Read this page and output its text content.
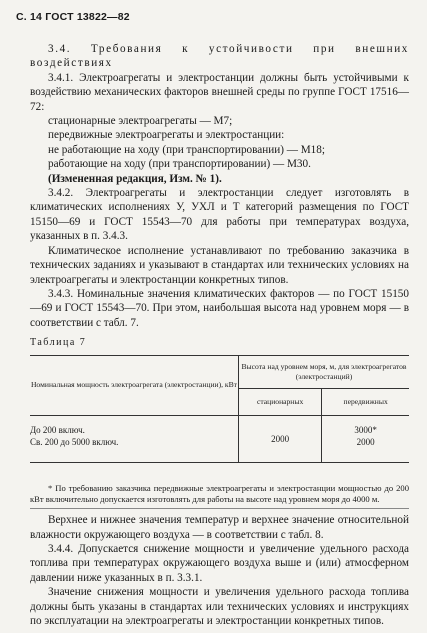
С. 14 ГОСТ 13822—82

3.4. Требования к устойчивости при внешних воздействиях

3.4.1. Электроагрегаты и электростанции должны быть устойчивыми к воздействию механических факторов внешней среды по группе ГОСТ 17516—72:

стационарные электроагрегаты — М7;

передвижные электроагрегаты и электростанции:

не работающие на ходу (при транспортировании) — М18;

работающие на ходу (при транспортировании) — М30.

(Измененная редакция, Изм. № 1).

3.4.2. Электроагрегаты и электростанции следует изготовлять в климатических исполнениях У, УХЛ и Т категорий размещения по ГОСТ 15150—69 и ГОСТ 15543—70 для работы при температурах воздуха, указанных в п. 3.4.3.

Климатическое исполнение устанавливают по требованию заказчика в технических заданиях и указывают в стандартах или технических условиях на электроагрегаты и электростанции конкретных типов.

3.4.3. Номинальные значения климатических факторов — по ГОСТ 15150—69 и ГОСТ 15543—70. При этом, наибольшая высота над уровнем моря — в соответствии с табл. 7.

Таблица 7

Номинальная мощность электроагрегата (электростанции), кВт	Высота над уровнем моря, м, для электроагрегатов (электростанций)	
	стационарных	передвижных
До 200 включ.	2000	3000*
Св. 200 до 5000 включ.		2000

* По требованию заказчика передвижные электроагрегаты и электростанции мощностью до 200 кВт включительно допускается изготовлять для работы на высоте над уровнем моря до 4000 м.

Верхнее и нижнее значения температур и верхнее значение относительной влажности окружающего воздуха — в соответствии с табл. 8.

3.4.4. Допускается снижение мощности и увеличение удельного расхода топлива при температурах окружающего воздуха выше и (или) атмосферном давлении ниже указанных в п. 3.3.1.

Значение снижения мощности и увеличения удельного расхода топлива должны быть указаны в стандартах или технических условиях и инструкциях по эксплуатации на электроагрегаты и электростанции конкретных типов.
